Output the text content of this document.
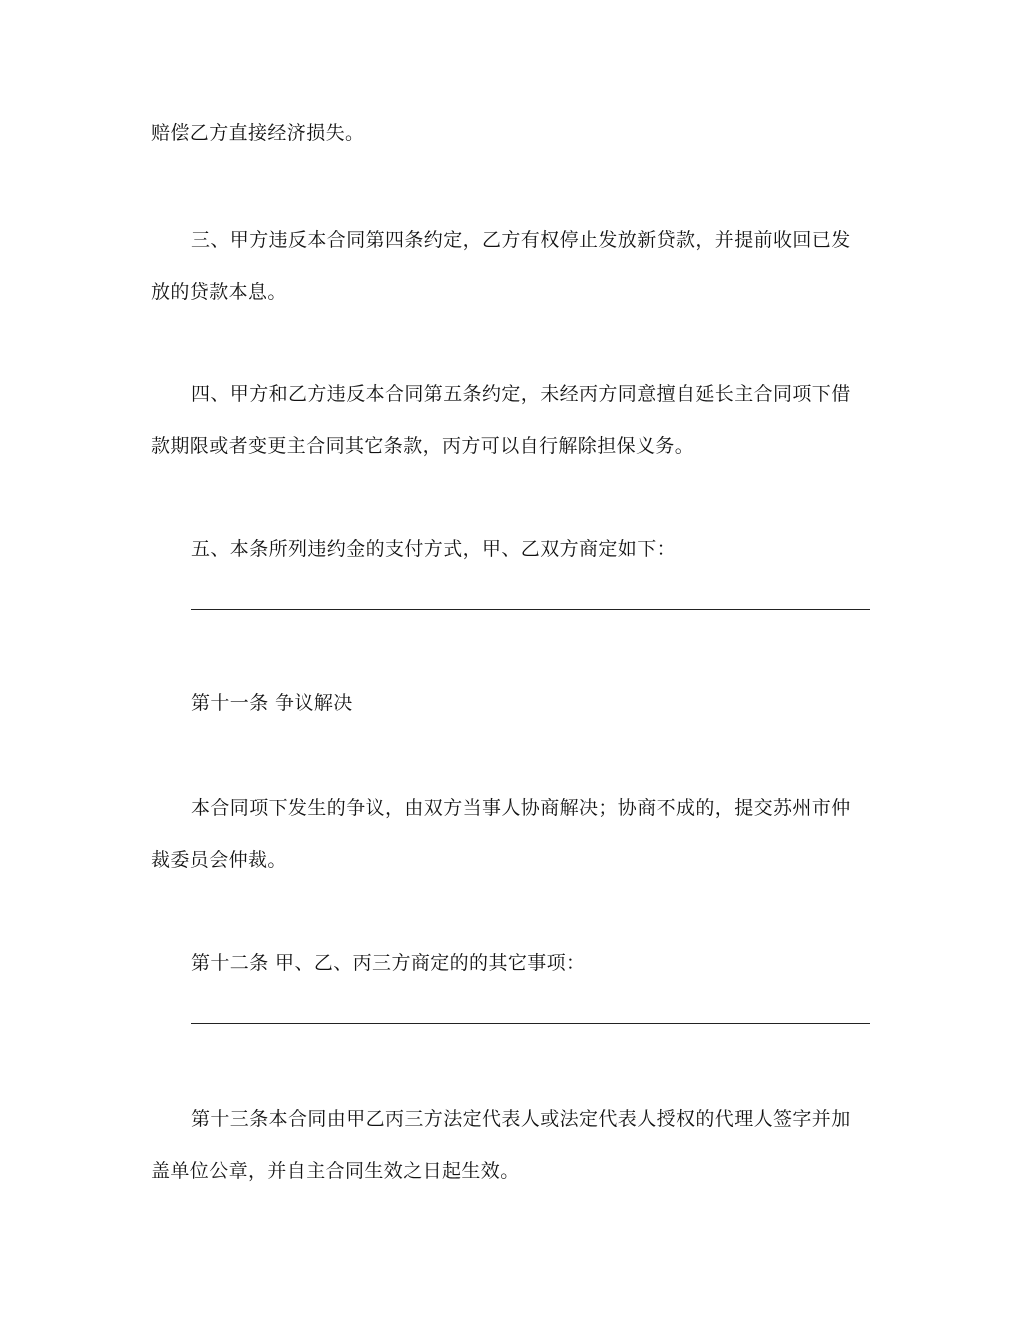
赔偿乙方直接经济损失。
三、甲方违反本合同第四条约定，乙方有权停止发放新贷款，并提前收回已发
放的贷款本息。
四、甲方和乙方违反本合同第五条约定，未经丙方同意擅自延长主合同项下借
款期限或者变更主合同其它条款，丙方可以自行解除担保义务。
五、本条所列违约金的支付方式，甲、乙双方商定如下：
第十一条 争议解决
本合同项下发生的争议，由双方当事人协商解决；协商不成的，提交苏州市仲
裁委员会仲裁。
第十二条 甲、乙、丙三方商定的的其它事项：
第十三条本合同由甲乙丙三方法定代表人或法定代表人授权的代理人签字并加
盖单位公章，并自主合同生效之日起生效。
